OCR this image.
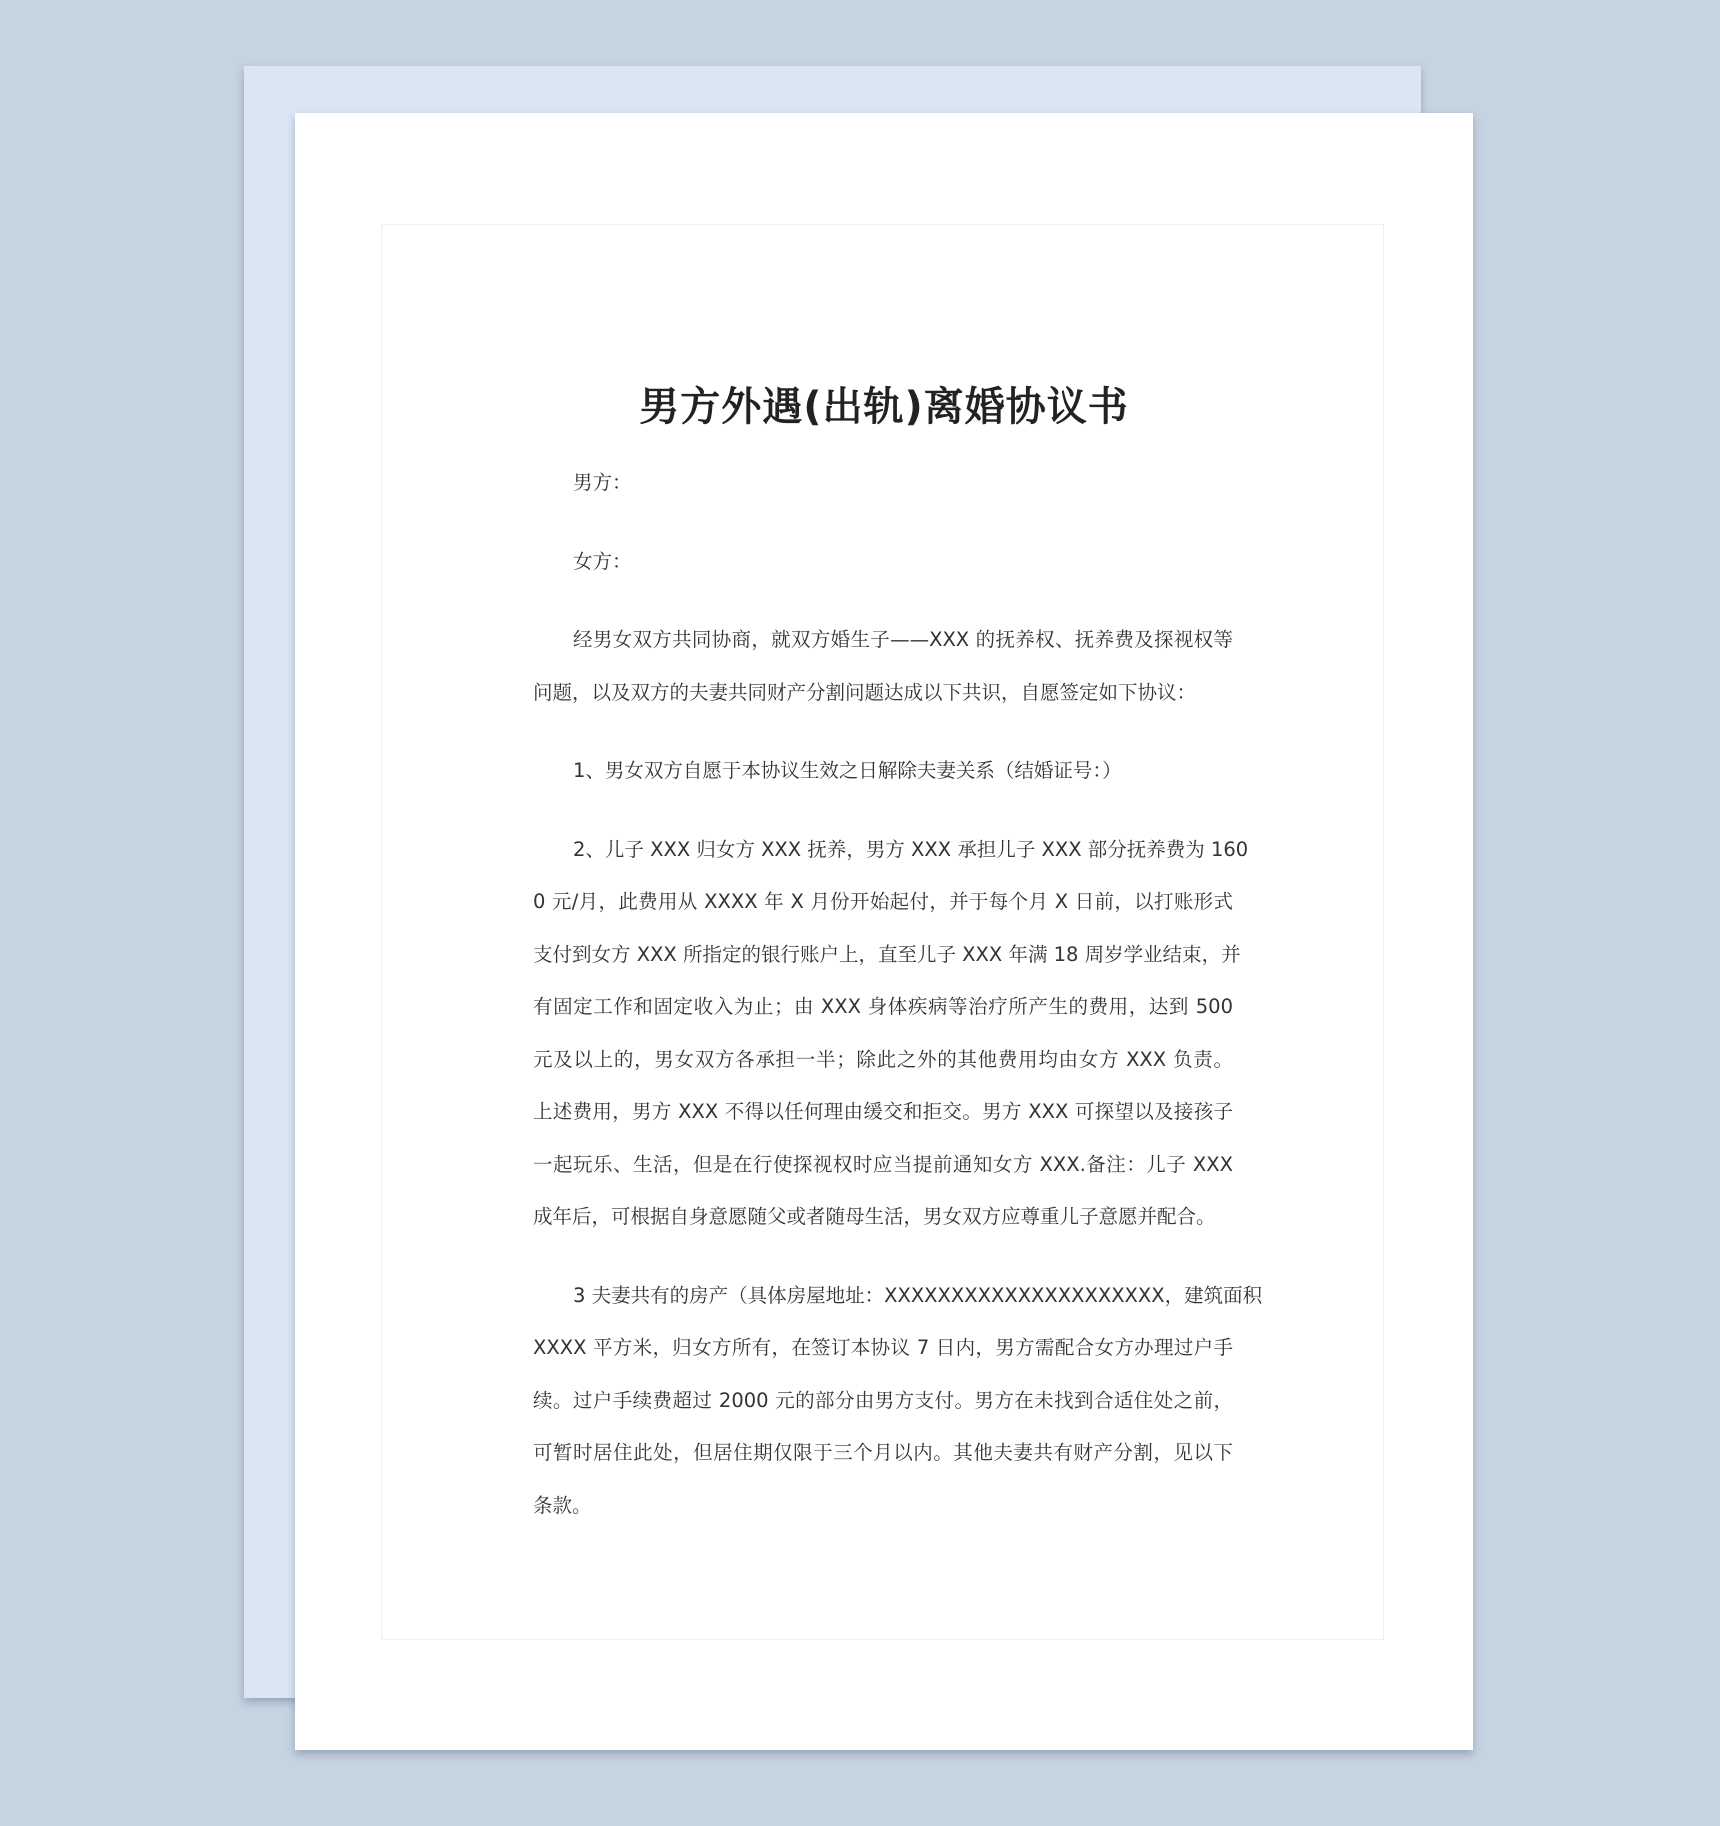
男方外遇(出轨)离婚协议书
男方：
女方：
经男女双方共同协商，就双方婚生子——XXX 的抚养权、抚养费及探视权等
问题，以及双方的夫妻共同财产分割问题达成以下共识，自愿签定如下协议：
1、男女双方自愿于本协议生效之日解除夫妻关系（结婚证号：）
2、儿子 XXX 归女方 XXX 抚养，男方 XXX 承担儿子 XXX 部分抚养费为 160
0 元/月，此费用从 XXXX 年 X 月份开始起付，并于每个月 X 日前，以打账形式
支付到女方 XXX 所指定的银行账户上，直至儿子 XXX 年满 18 周岁学业结束，并
有固定工作和固定收入为止；由 XXX 身体疾病等治疗所产生的费用，达到 500
元及以上的，男女双方各承担一半；除此之外的其他费用均由女方 XXX 负责。
上述费用，男方 XXX 不得以任何理由缓交和拒交。男方 XXX 可探望以及接孩子
一起玩乐、生活，但是在行使探视权时应当提前通知女方 XXX.备注：儿子 XXX
成年后，可根据自身意愿随父或者随母生活，男女双方应尊重儿子意愿并配合。
3 夫妻共有的房产（具体房屋地址：XXXXXXXXXXXXXXXXXXXXX，建筑面积
XXXX 平方米，归女方所有，在签订本协议 7 日内，男方需配合女方办理过户手
续。过户手续费超过 2000 元的部分由男方支付。男方在未找到合适住处之前，
可暂时居住此处，但居住期仅限于三个月以内。其他夫妻共有财产分割，见以下
条款。
